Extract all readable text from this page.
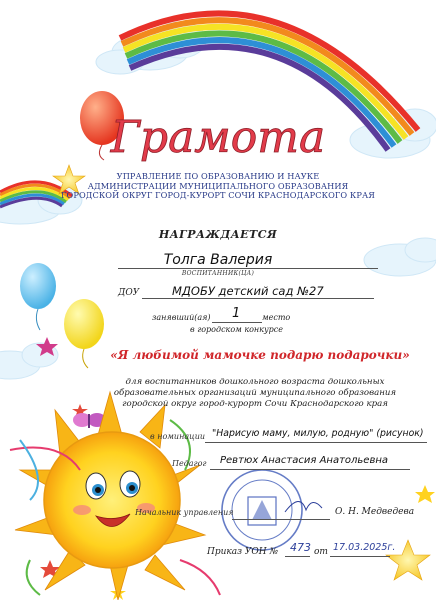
Грамота
УПРАВЛЕНИЕ ПО ОБРАЗОВАНИЮ И НАУКЕ
АДМИНИСТРАЦИИ МУНИЦИПАЛЬНОГО ОБРАЗОВАНИЯ
ГОРОДСКОЙ ОКРУГ ГОРОД-КУРОРТ СОЧИ КРАСНОДАРСКОГО КРАЯ
НАГРАЖДАЕТСЯ
Толга Валерия
ВОСПИТАННИК(ЦА)
ДОУ	МДОБУ детский сад №27
занявший(ая) 1	место
в городском конкурсе
«Я любимой мамочке подарю подарочки»
для воспитанников дошкольного возраста дошкольных
образовательных организаций муниципального образования
городской округ город-курорт Сочи Краснодарского края
в номинации "Нарисую маму, милую, родную" (рисунок)
Педагог Ревтюх Анастасия Анатольевна
Начальник управления	О. Н. Медведева
Приказ УОН № 473 от 17.03.2025г.
